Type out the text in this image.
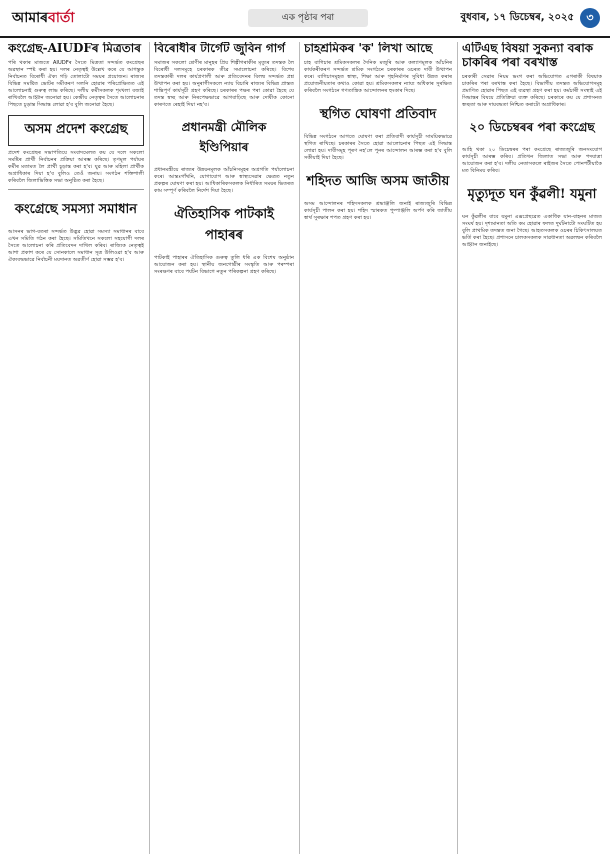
আমাৰবাৰ্তা	এক পৃষ্ঠাৰ পৰা	বুধবাৰ, ১৭ ডিচেম্বৰ, ২০২৫	৩
কংগ্ৰেছ-AIUDFৰ মিত্ৰতাৰ

পৰি থকাৰ মাজতে AIUDFৰ সৈতে মিত্ৰতা সন্দৰ্ভত কংগ্ৰেছৰ অৱস্থান স্পষ্ট কৰা হয়। দলৰ নেতৃত্বই উল্লেখ কৰে যে আগন্তুক নিৰ্বাচনত বিৰোধী ঐক্য গঢ়ি তোলাটো সময়ৰ প্ৰয়োজন। ৰাজ্যৰ বিভিন্ন সমষ্টিত ভোটৰ সমীকৰণ সলনি হোৱাৰ পৰিপ্ৰেক্ষিতত এই আলোচনাই গুৰুত্ব লাভ কৰিছে। দলীয় কৰ্মীসকলক শৃংখলা বজাই ৰাখিবলৈ আহ্বান জনোৱা হয়। কেন্দ্ৰীয় নেতৃত্বৰ সৈতে আলোচনাৰ পিছতে চূড়ান্ত সিদ্ধান্ত লোৱা হ'ব বুলি জনোৱা হৈছে।

অসম প্ৰদেশ কংগ্ৰেছ

প্ৰদেশ কংগ্ৰেছৰ সভাপতিয়ে সংবাদমেলত কয় যে দলে সকলো সমষ্টিৰ প্ৰাৰ্থী নিৰ্বাচনৰ প্ৰক্ৰিয়া আৰম্ভ কৰিছে। তৃণমূল পৰ্যায়ৰ কৰ্মীৰ মতামত লৈ প্ৰাৰ্থী চূড়ান্ত কৰা হ'ব। যুৱ আৰু মহিলা প্ৰাৰ্থীক অগ্ৰাধিকাৰ দিয়া হ'ব বুলিও তেওঁ জনায়। সংগঠন শক্তিশালী কৰিবলৈ জিলাভিত্তিক সভা অনুষ্ঠিত কৰা হৈছে।

কংগ্ৰেছে সমস্যা সমাধান

আসনৰ ভাগ-বতৰা সন্দৰ্ভত উদ্ভৱ হোৱা সমস্যা সমাধানৰ বাবে এখন সমিতি গঠন কৰা হৈছে। সমিতিখনে সকলো সহযোগী দলৰ সৈতে আলোচনা কৰি প্ৰতিবেদন দাখিল কৰিব। ৰাজ্যিক নেতৃত্বই আশা প্ৰকাশ কৰে যে সোনকালে সমাধান সূত্ৰ উলিওৱা হ'ব আৰু ঐক্যবদ্ধভাৱে নিৰ্বাচনী ময়দানত অৱতীৰ্ণ হোৱা সম্ভৱ হ'ব।

বিৰোধীৰ টাৰ্গেট জুবিন গাৰ্গ

সমাজৰ সকলো শ্ৰেণীৰ মানুহৰ প্ৰিয় শিল্পীগৰাকীৰ মৃত্যুৰ তদন্তক লৈ বিৰোধী দলসমূহে চৰকাৰক তীব্ৰ সমালোচনা কৰিছে। বিশেষ তদন্তকাৰী দলৰ কাৰ্যপ্ৰণালী আৰু প্ৰতিবেদনৰ বিলম্ব সন্দৰ্ভত প্ৰশ্ন উত্থাপন কৰা হয়। অনুৰাগীসকলে ন্যায় বিচাৰি ৰাজ্যৰ বিভিন্ন প্ৰান্তত শান্তিপূৰ্ণ কাৰ্যসূচী গ্ৰহণ কৰিছে। চৰকাৰৰ পক্ষৰ পৰা কোৱা হৈছে যে তদন্ত স্বচ্ছ আৰু নিৰপেক্ষভাৱে আগবাঢ়িছে আৰু দোষীক কোনো কাৰণতে ৰেহাই দিয়া নহ'ব।

প্ৰধানমন্ত্ৰী মৌলিক ইণ্ডিপিয়াৰ

প্ৰধানমন্ত্ৰীয়ে ৰাজ্যৰ উন্নয়নমূলক আঁচনিসমূহৰ অগ্ৰগতি পৰ্যালোচনা কৰে। আন্তঃগাঁথনি, যোগাযোগ আৰু স্বাস্থ্যসেৱাৰ ক্ষেত্ৰত নতুন প্ৰকল্পৰ ঘোষণা কৰা হয়। আধিকাৰিকসকলক নিৰ্ধাৰিত সময়ৰ ভিতৰত কাম সম্পূৰ্ণ কৰিবলৈ নিৰ্দেশ দিয়া হৈছে।

ঐতিহাসিক পাটকাই পাহাৰৰ

পাটকাই পাহাৰৰ ঐতিহাসিক গুৰুত্ব তুলি ধৰি এক বিশেষ অনুষ্ঠান আয়োজন কৰা হয়। স্থানীয় জনগোষ্ঠীৰ সংস্কৃতি আৰু পৰম্পৰা সংৰক্ষণৰ বাবে পৰ্যটন বিভাগে নতুন পৰিকল্পনা গ্ৰহণ কৰিছে।

চাহশ্ৰমিকৰ 'ক' লিখা আছে

চাহ বাগিচাৰ শ্ৰমিকসকলৰ দৈনিক মজুৰি আৰু কল্যাণমূলক আঁচনিৰ কাৰ্যকৰীকৰণ সন্দৰ্ভত শ্ৰমিক সংগঠনে চৰকাৰৰ ওচৰত দাবী উত্থাপন কৰে। বাগিচাসমূহত স্বাস্থ্য, শিক্ষা আৰু গৃহনিৰ্মাণৰ সুবিধা উন্নত কৰাৰ প্ৰয়োজনীয়তাৰ কথাও কোৱা হয়। শ্ৰমিকসকলৰ ন্যায্য অধিকাৰ সুৰক্ষিত কৰিবলৈ সংগঠনে গণতান্ত্ৰিক আন্দোলনৰ হুংকাৰ দিছে।

স্থগিত ঘোষণা প্ৰতিবাদ

বিভিন্ন সংগঠনে আগতে ঘোষণা কৰা প্ৰতিবাদী কাৰ্যসূচী সাময়িকভাৱে স্থগিত ৰাখিছে। চৰকাৰৰ সৈতে হোৱা আলোচনাৰ পিছত এই সিদ্ধান্ত লোৱা হয়। দাবীসমূহ পূৰণ নহ'লে পুনৰ আন্দোলন আৰম্ভ কৰা হ'ব বুলি সকীয়াই দিয়া হৈছে।

শহিদত আজি অসম জাতীয়

অসম আন্দোলনৰ শহিদসকলক শ্ৰদ্ধাঞ্জলি জনাই ৰাজ্যজুৰি বিভিন্ন কাৰ্যসূচী পালন কৰা হয়। শহিদ স্মাৰকত পুষ্পাঞ্জলি অৰ্পণ কৰি জাতীয় স্বাৰ্থ সুৰক্ষাৰ শপত গ্ৰহণ কৰা হয়।

এটিএছ বিষয়া সুকন্যা বৰাক চাকৰিৰ পৰা বৰখাস্ত

চৰকাৰী সেৱাৰ নিয়ম ভংগ কৰা অভিযোগত এগৰাকী বিষয়াক চাকৰিৰ পৰা বৰখাস্ত কৰা হৈছে। বিভাগীয় তদন্তত অভিযোগসমূহ প্ৰমাণিত হোৱাৰ পিছত এই ব্যৱস্থা গ্ৰহণ কৰা হয়। কৰ্মচাৰী সংস্থাই এই সিদ্ধান্তৰ বিষয়ে প্ৰতিক্ৰিয়া ব্যক্ত কৰিছে। চৰকাৰে কয় যে প্ৰশাসনত স্বচ্ছতা আৰু দায়বদ্ধতা নিশ্চিত কৰাটো অগ্ৰাধিকাৰ।

২০ ডিচেম্বৰৰ পৰা কংগ্ৰেছ

আহি থকা ২০ ডিচেম্বৰৰ পৰা কংগ্ৰেছে ৰাজ্যজুৰি জনসংযোগ কাৰ্যসূচী আৰম্ভ কৰিব। প্ৰতিখন জিলাত সভা আৰু পদযাত্ৰা আয়োজন কৰা হ'ব। দলীয় নেতাসকলে ৰাইজৰ সৈতে পোনপটীয়াকৈ মত বিনিময় কৰিব।

মৃত্যুদূত ঘন কুঁৱলী! যমুনা

ঘন কুঁৱলীৰ বাবে যমুনা এক্সপ্ৰেছৱেত একাধিক যান-বাহনৰ মাজত সংঘৰ্ষ হয়। দৃশ্যমানতা অতি কম হোৱাৰ ফলত দুৰ্ঘটনাটো সংঘটিত হয় বুলি প্ৰাথমিক তদন্তত জনা গৈছে। আহতসকলক ওচৰৰ চিকিৎসালয়ত ভৰ্তি কৰা হৈছে। প্ৰশাসনে চালকসকলক সাৱধানতা অৱলম্বন কৰিবলৈ আহ্বান জনাইছে।
